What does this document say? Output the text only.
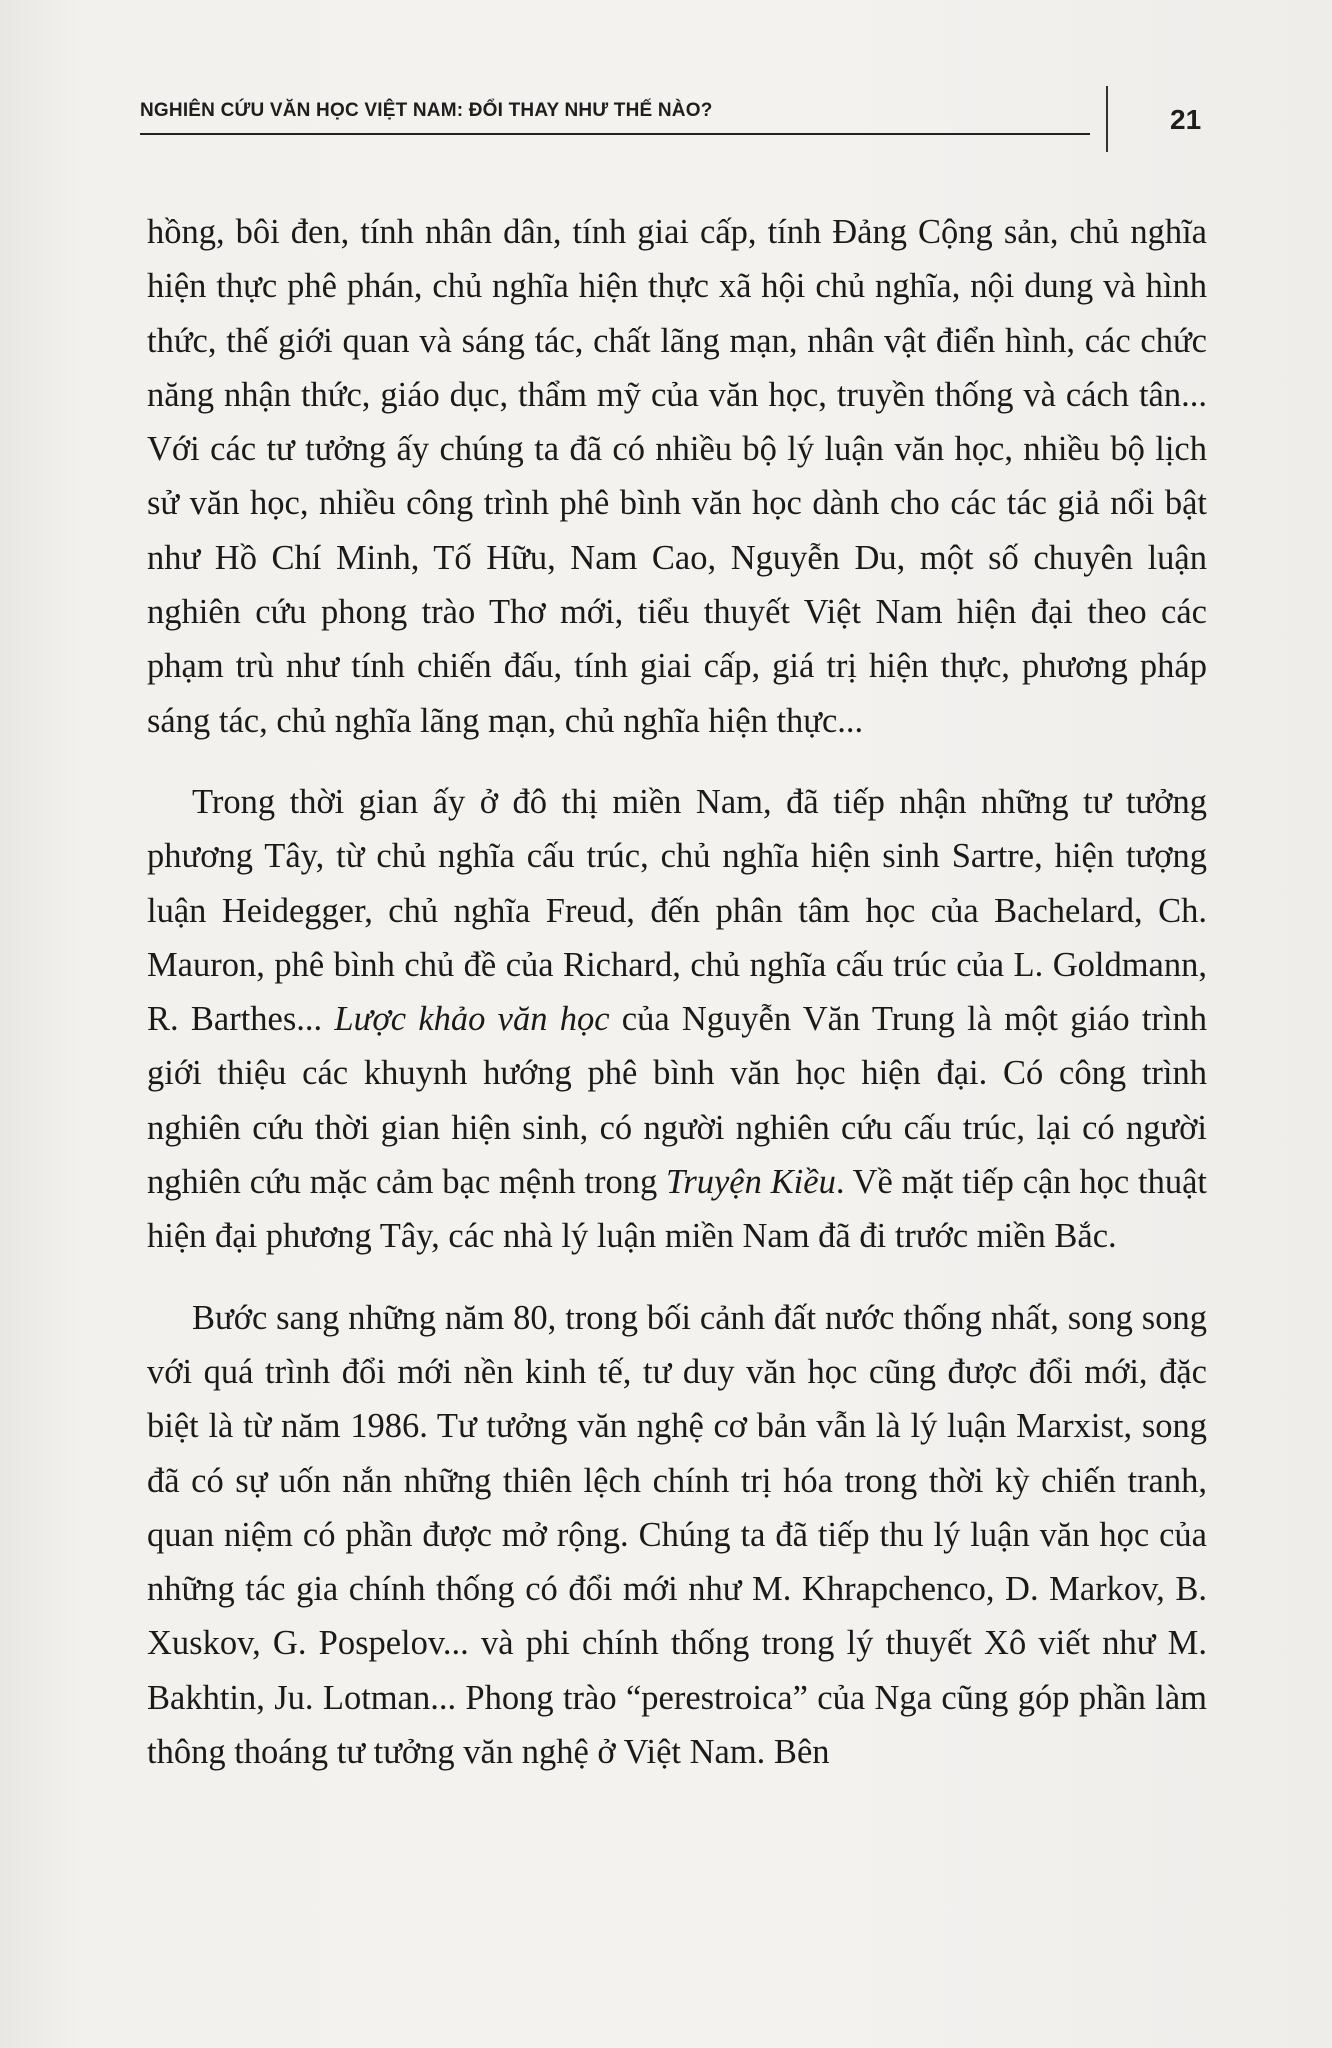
NGHIÊN CỨU VĂN HỌC VIỆT NAM: ĐỔI THAY NHƯ THẾ NÀO?	21

hồng, bôi đen, tính nhân dân, tính giai cấp, tính Đảng Cộng sản, chủ nghĩa hiện thực phê phán, chủ nghĩa hiện thực xã hội chủ nghĩa, nội dung và hình thức, thế giới quan và sáng tác, chất lãng mạn, nhân vật điển hình, các chức năng nhận thức, giáo dục, thẩm mỹ của văn học, truyền thống và cách tân... Với các tư tưởng ấy chúng ta đã có nhiều bộ lý luận văn học, nhiều bộ lịch sử văn học, nhiều công trình phê bình văn học dành cho các tác giả nổi bật như Hồ Chí Minh, Tố Hữu, Nam Cao, Nguyễn Du, một số chuyên luận nghiên cứu phong trào Thơ mới, tiểu thuyết Việt Nam hiện đại theo các phạm trù như tính chiến đấu, tính giai cấp, giá trị hiện thực, phương pháp sáng tác, chủ nghĩa lãng mạn, chủ nghĩa hiện thực...

Trong thời gian ấy ở đô thị miền Nam, đã tiếp nhận những tư tưởng phương Tây, từ chủ nghĩa cấu trúc, chủ nghĩa hiện sinh Sartre, hiện tượng luận Heidegger, chủ nghĩa Freud, đến phân tâm học của Bachelard, Ch. Mauron, phê bình chủ đề của Richard, chủ nghĩa cấu trúc của L. Goldmann, R. Barthes... Lược khảo văn học của Nguyễn Văn Trung là một giáo trình giới thiệu các khuynh hướng phê bình văn học hiện đại. Có công trình nghiên cứu thời gian hiện sinh, có người nghiên cứu cấu trúc, lại có người nghiên cứu mặc cảm bạc mệnh trong Truyện Kiều. Về mặt tiếp cận học thuật hiện đại phương Tây, các nhà lý luận miền Nam đã đi trước miền Bắc.

Bước sang những năm 80, trong bối cảnh đất nước thống nhất, song song với quá trình đổi mới nền kinh tế, tư duy văn học cũng được đổi mới, đặc biệt là từ năm 1986. Tư tưởng văn nghệ cơ bản vẫn là lý luận Marxist, song đã có sự uốn nắn những thiên lệch chính trị hóa trong thời kỳ chiến tranh, quan niệm có phần được mở rộng. Chúng ta đã tiếp thu lý luận văn học của những tác gia chính thống có đổi mới như M. Khrapchenco, D. Markov, B. Xuskov, G. Pospelov... và phi chính thống trong lý thuyết Xô viết như M. Bakhtin, Ju. Lotman... Phong trào “perestroica” của Nga cũng góp phần làm thông thoáng tư tưởng văn nghệ ở Việt Nam. Bên
